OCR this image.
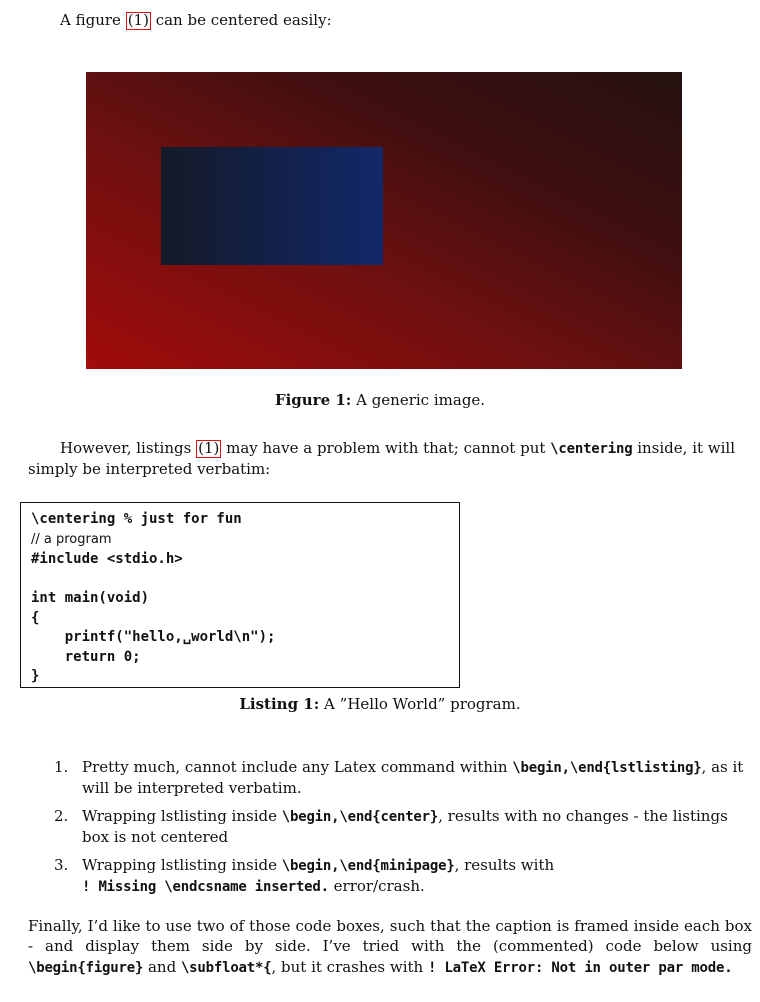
A figure (1) can be centered easily:
Figure 1: A generic image.
However, listings (1) may have a problem with that; cannot put \centering inside, it will simply be interpreted verbatim:
\centering % just for fun
// a program
#include <stdio.h>
int main(void)
{
printf("hello,␣world\n");
return 0;
}
Listing 1: A ”Hello World” program.
1. Pretty much, cannot include any Latex command within \begin,\end{lstlisting}, as it will be interpreted verbatim.
2. Wrapping lstlisting inside \begin,\end{center}, results with no changes - the listings box is not centered
3. Wrapping lstlisting inside \begin,\end{minipage}, results with
! Missing \endcsname inserted. error/crash.
Finally, I’d like to use two of those code boxes, such that the caption is framed inside each box - and display them side by side. I’ve tried with the (commented) code below using \begin{figure} and \subfloat*{, but it crashes with ! LaTeX Error: Not in outer par mode.
